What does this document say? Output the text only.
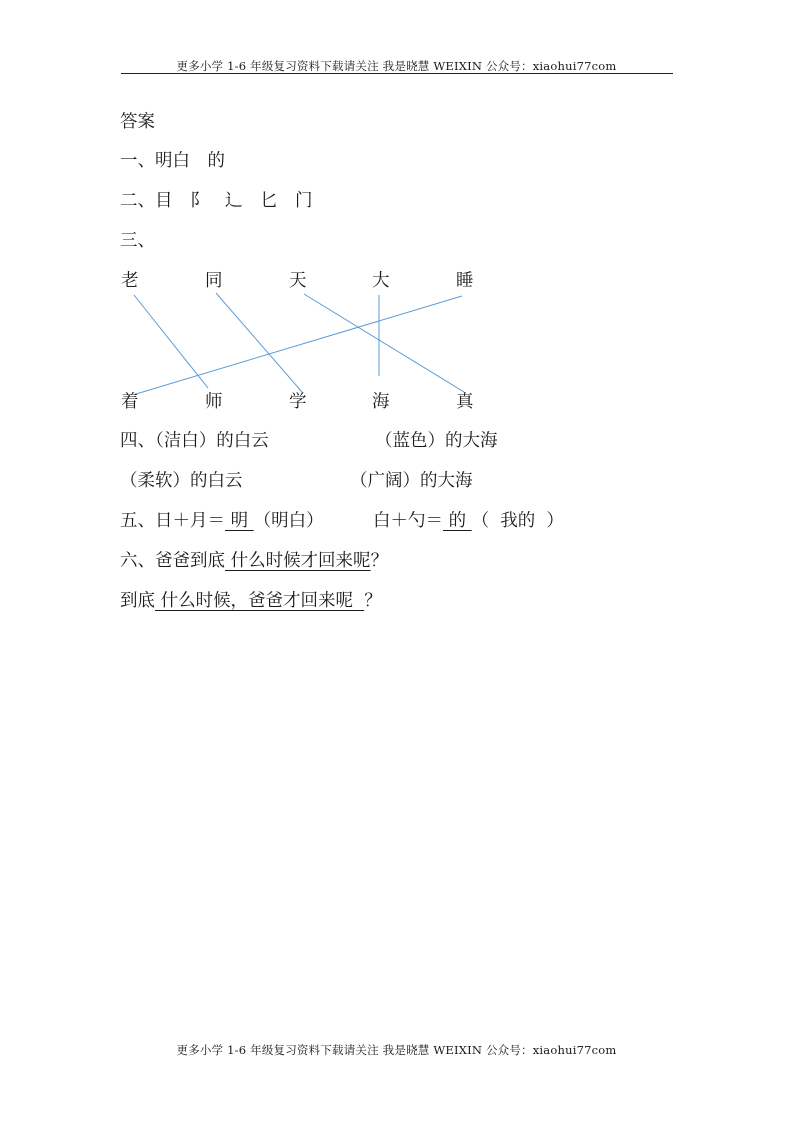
更多小学 1-6 年级复习资料下载请关注 我是晓慧 WEIXIN 公众号：xiaohui77com
答案
一、明白　的
二、目　阝　辶　匕　门
三、
老	同	天	大	睡
着	师	学	海	真
四、（洁白）的白云	（蓝色）的大海
（柔软）的白云	（广阔）的大海
五、日＋月＝ 明 （明白）	白＋勺＝ 的 （  我的  ）
六、爸爸到底 什么时候才回来呢？
到底 什么时候，爸爸才回来呢  ？
更多小学 1-6 年级复习资料下载请关注 我是晓慧 WEIXIN 公众号：xiaohui77com
